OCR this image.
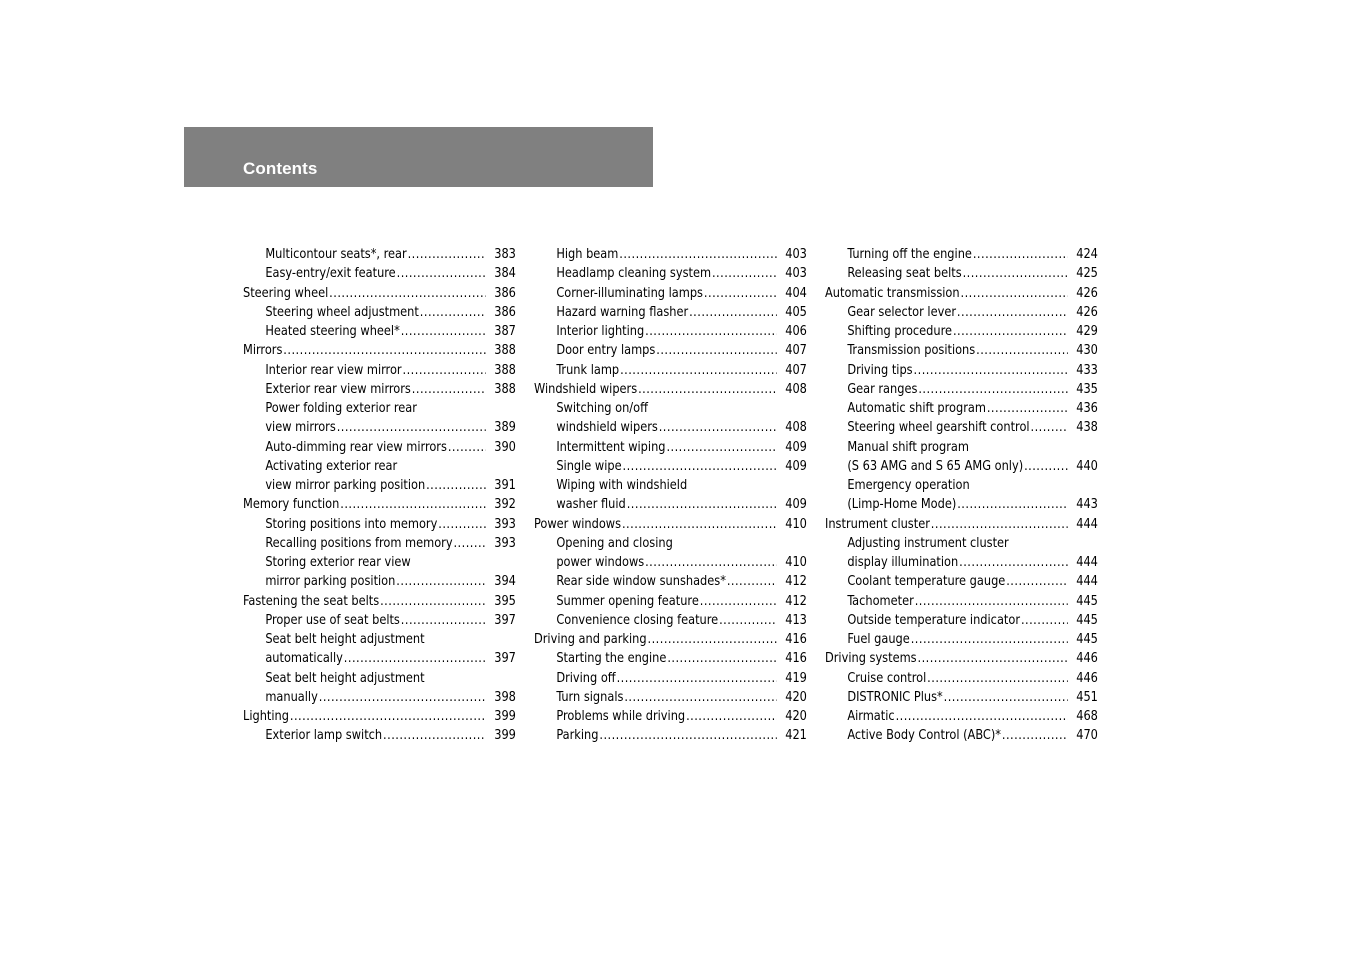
Contents
Multicontour seats*, rear .....	383
Easy-entry/exit feature .....	384
Steering wheel .....	386
Steering wheel adjustment .....	386
Heated steering wheel* .....	387
Mirrors .....	388
Interior rear view mirror .....	388
Exterior rear view mirrors .....	388
Power folding exterior rear
view mirrors .....	389
Auto-dimming rear view mirrors .....	390
Activating exterior rear
view mirror parking position .....	391
Memory function .....	392
Storing positions into memory .....	393
Recalling positions from memory .....	393
Storing exterior rear view
mirror parking position .....	394
Fastening the seat belts .....	395
Proper use of seat belts .....	397
Seat belt height adjustment
automatically .....	397
Seat belt height adjustment
manually .....	398
Lighting .....	399
Exterior lamp switch .....	399
High beam .....	403
Headlamp cleaning system .....	403
Corner-illuminating lamps .....	404
Hazard warning flasher .....	405
Interior lighting .....	406
Door entry lamps .....	407
Trunk lamp .....	407
Windshield wipers .....	408
Switching on/off
windshield wipers .....	408
Intermittent wiping .....	409
Single wipe .....	409
Wiping with windshield
washer fluid .....	409
Power windows .....	410
Opening and closing
power windows .....	410
Rear side window sunshades* .....	412
Summer opening feature .....	412
Convenience closing feature .....	413
Driving and parking .....	416
Starting the engine .....	416
Driving off .....	419
Turn signals .....	420
Problems while driving .....	420
Parking .....	421
Turning off the engine .....	424
Releasing seat belts .....	425
Automatic transmission .....	426
Gear selector lever .....	426
Shifting procedure .....	429
Transmission positions .....	430
Driving tips .....	433
Gear ranges .....	435
Automatic shift program .....	436
Steering wheel gearshift control .....	438
Manual shift program
(S 63 AMG and S 65 AMG only) .....	440
Emergency operation
(Limp-Home Mode) .....	443
Instrument cluster .....	444
Adjusting instrument cluster
display illumination .....	444
Coolant temperature gauge .....	444
Tachometer .....	445
Outside temperature indicator .....	445
Fuel gauge .....	445
Driving systems .....	446
Cruise control .....	446
DISTRONIC Plus* .....	451
Airmatic .....	468
Active Body Control (ABC)* .....	470
